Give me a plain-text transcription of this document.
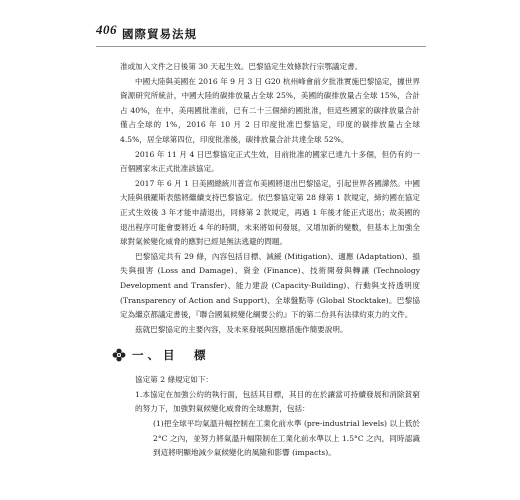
406 國際貿易法規

准或加入文件之日後第 30 天起生效。巴黎協定生效條款行宗鄂議定書。

中國大陸與美國在 2016 年 9 月 3 日 G20 杭州峰會前夕批准實施巴黎協定，據世界資源研究所統計，中國大陸的碳排放量占全球 25%，美國的碳排放量占全球 15%，合計占 40%，在中、美兩國批准前，已有二十三個締約國批准，但這些國家的碳排放量合計僅占全球的 1%，2016 年 10 月 2 日印度批准巴黎協定，印度的碳排放量占全球 4.5%，居全球第四位，印度批准後，碳排放量合計共達全球 52%。

2016 年 11 月 4 日巴黎協定正式生效，目前批准的國家已達九十多個，但仍有約一百個國家未正式批准該協定。

2017 年 6 月 1 日美國總統川普宣布美國將退出巴黎協定，引起世界各國譁然。中國大陸與俄羅斯表態將繼續支持巴黎協定。依巴黎協定第 28 條第 1 款規定，締約國在協定正式生效後 3 年才能申請退出，同條第 2 款規定，再過 1 年後才能正式退出；故美國的退出程序可能會要將近 4 年的時間，未來將如何發展，又增加新的變數，但基本上加強全球對氣候變化威脅的應對已經是無法逃避的問題。

巴黎協定共有 29 條，內容包括目標、減緩 (Mitigation)、適應 (Adaptation)、損失與損害 (Loss and Damage)、資金 (Finance)、技術開發與轉讓 (Technology Development and Transfer)、能力建設 (Capacity-Building)、行動與支持透明度 (Transparency of Action and Support)、全球盤點等 (Global Stocktake)。巴黎協定為繼京都議定書後，『聯合國氣候變化綱要公約』下的第二份具有法律約束力的文件。

茲就巴黎協定的主要內容，及未來發展與因應措施作簡要說明。

一、目　標

協定第 2 條規定如下：

1.本協定在加強公約的執行面，包括其目標，其目的在於讓當可持續發展和消除貧窮的努力下，加強對氣候變化威脅的全球應對，包括：

(1)把全球平均氣溫升幅控制在工業化前水準 (pre-industrial levels) 以上低於 2°C 之內，並努力將氣溫升幅限制在工業化前水準以上 1.5°C 之內，同時認識到這將明顯地減少氣候變化的風險和影響 (impacts)。
